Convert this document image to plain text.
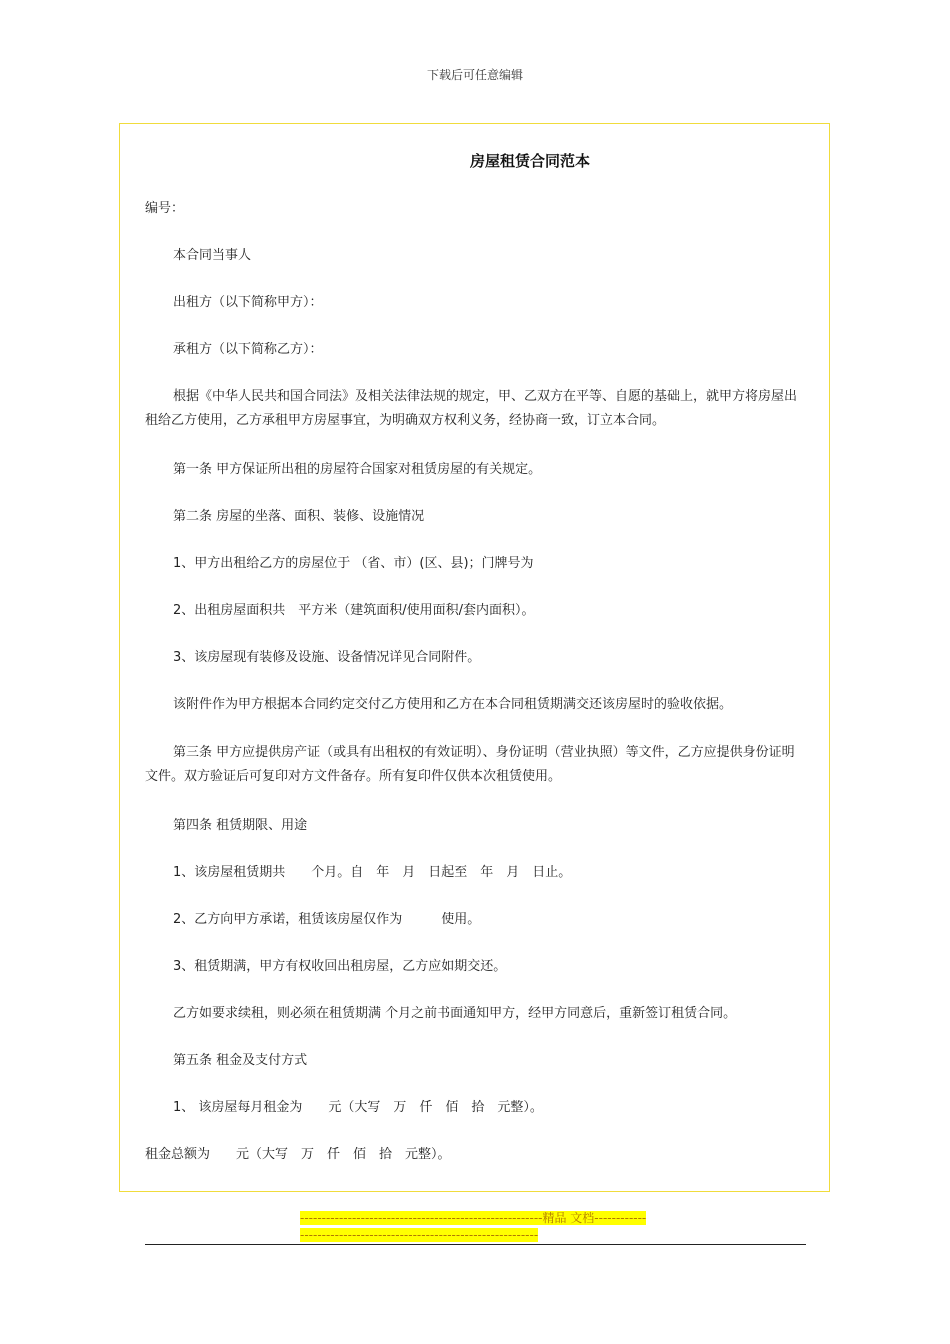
下载后可任意编辑
房屋租赁合同范本

编号：

本合同当事人

出租方（以下简称甲方）：

承租方（以下简称乙方）：

根据《中华人民共和国合同法》及相关法律法规的规定，甲、乙双方在平等、自愿的基础上，就甲方将房屋出租给乙方使用，乙方承租甲方房屋事宜，为明确双方权利义务，经协商一致，订立本合同。

第一条 甲方保证所出租的房屋符合国家对租赁房屋的有关规定。

第二条 房屋的坐落、面积、装修、设施情况

1、甲方出租给乙方的房屋位于 （省、市）(区、县)；门牌号为

2、出租房屋面积共　平方米（建筑面积/使用面积/套内面积）。

3、该房屋现有装修及设施、设备情况详见合同附件。

该附件作为甲方根据本合同约定交付乙方使用和乙方在本合同租赁期满交还该房屋时的验收依据。

第三条 甲方应提供房产证（或具有出租权的有效证明）、身份证明（营业执照）等文件，乙方应提供身份证明文件。双方验证后可复印对方文件备存。所有复印件仅供本次租赁使用。

第四条 租赁期限、用途

1、该房屋租赁期共　　个月。自　年　月　日起至　年　月　日止。

2、乙方向甲方承诺，租赁该房屋仅作为　　　使用。

3、租赁期满，甲方有权收回出租房屋，乙方应如期交还。

乙方如要求续租，则必须在租赁期满 个月之前书面通知甲方，经甲方同意后，重新签订租赁合同。

第五条 租金及支付方式

1、 该房屋每月租金为　　元（大写　万　仟　佰　拾　元整）。

租金总额为　　元（大写　万　仟　佰　拾　元整）。

--------------------------------------------------------精品 文档-------------------------------------------------------------------
